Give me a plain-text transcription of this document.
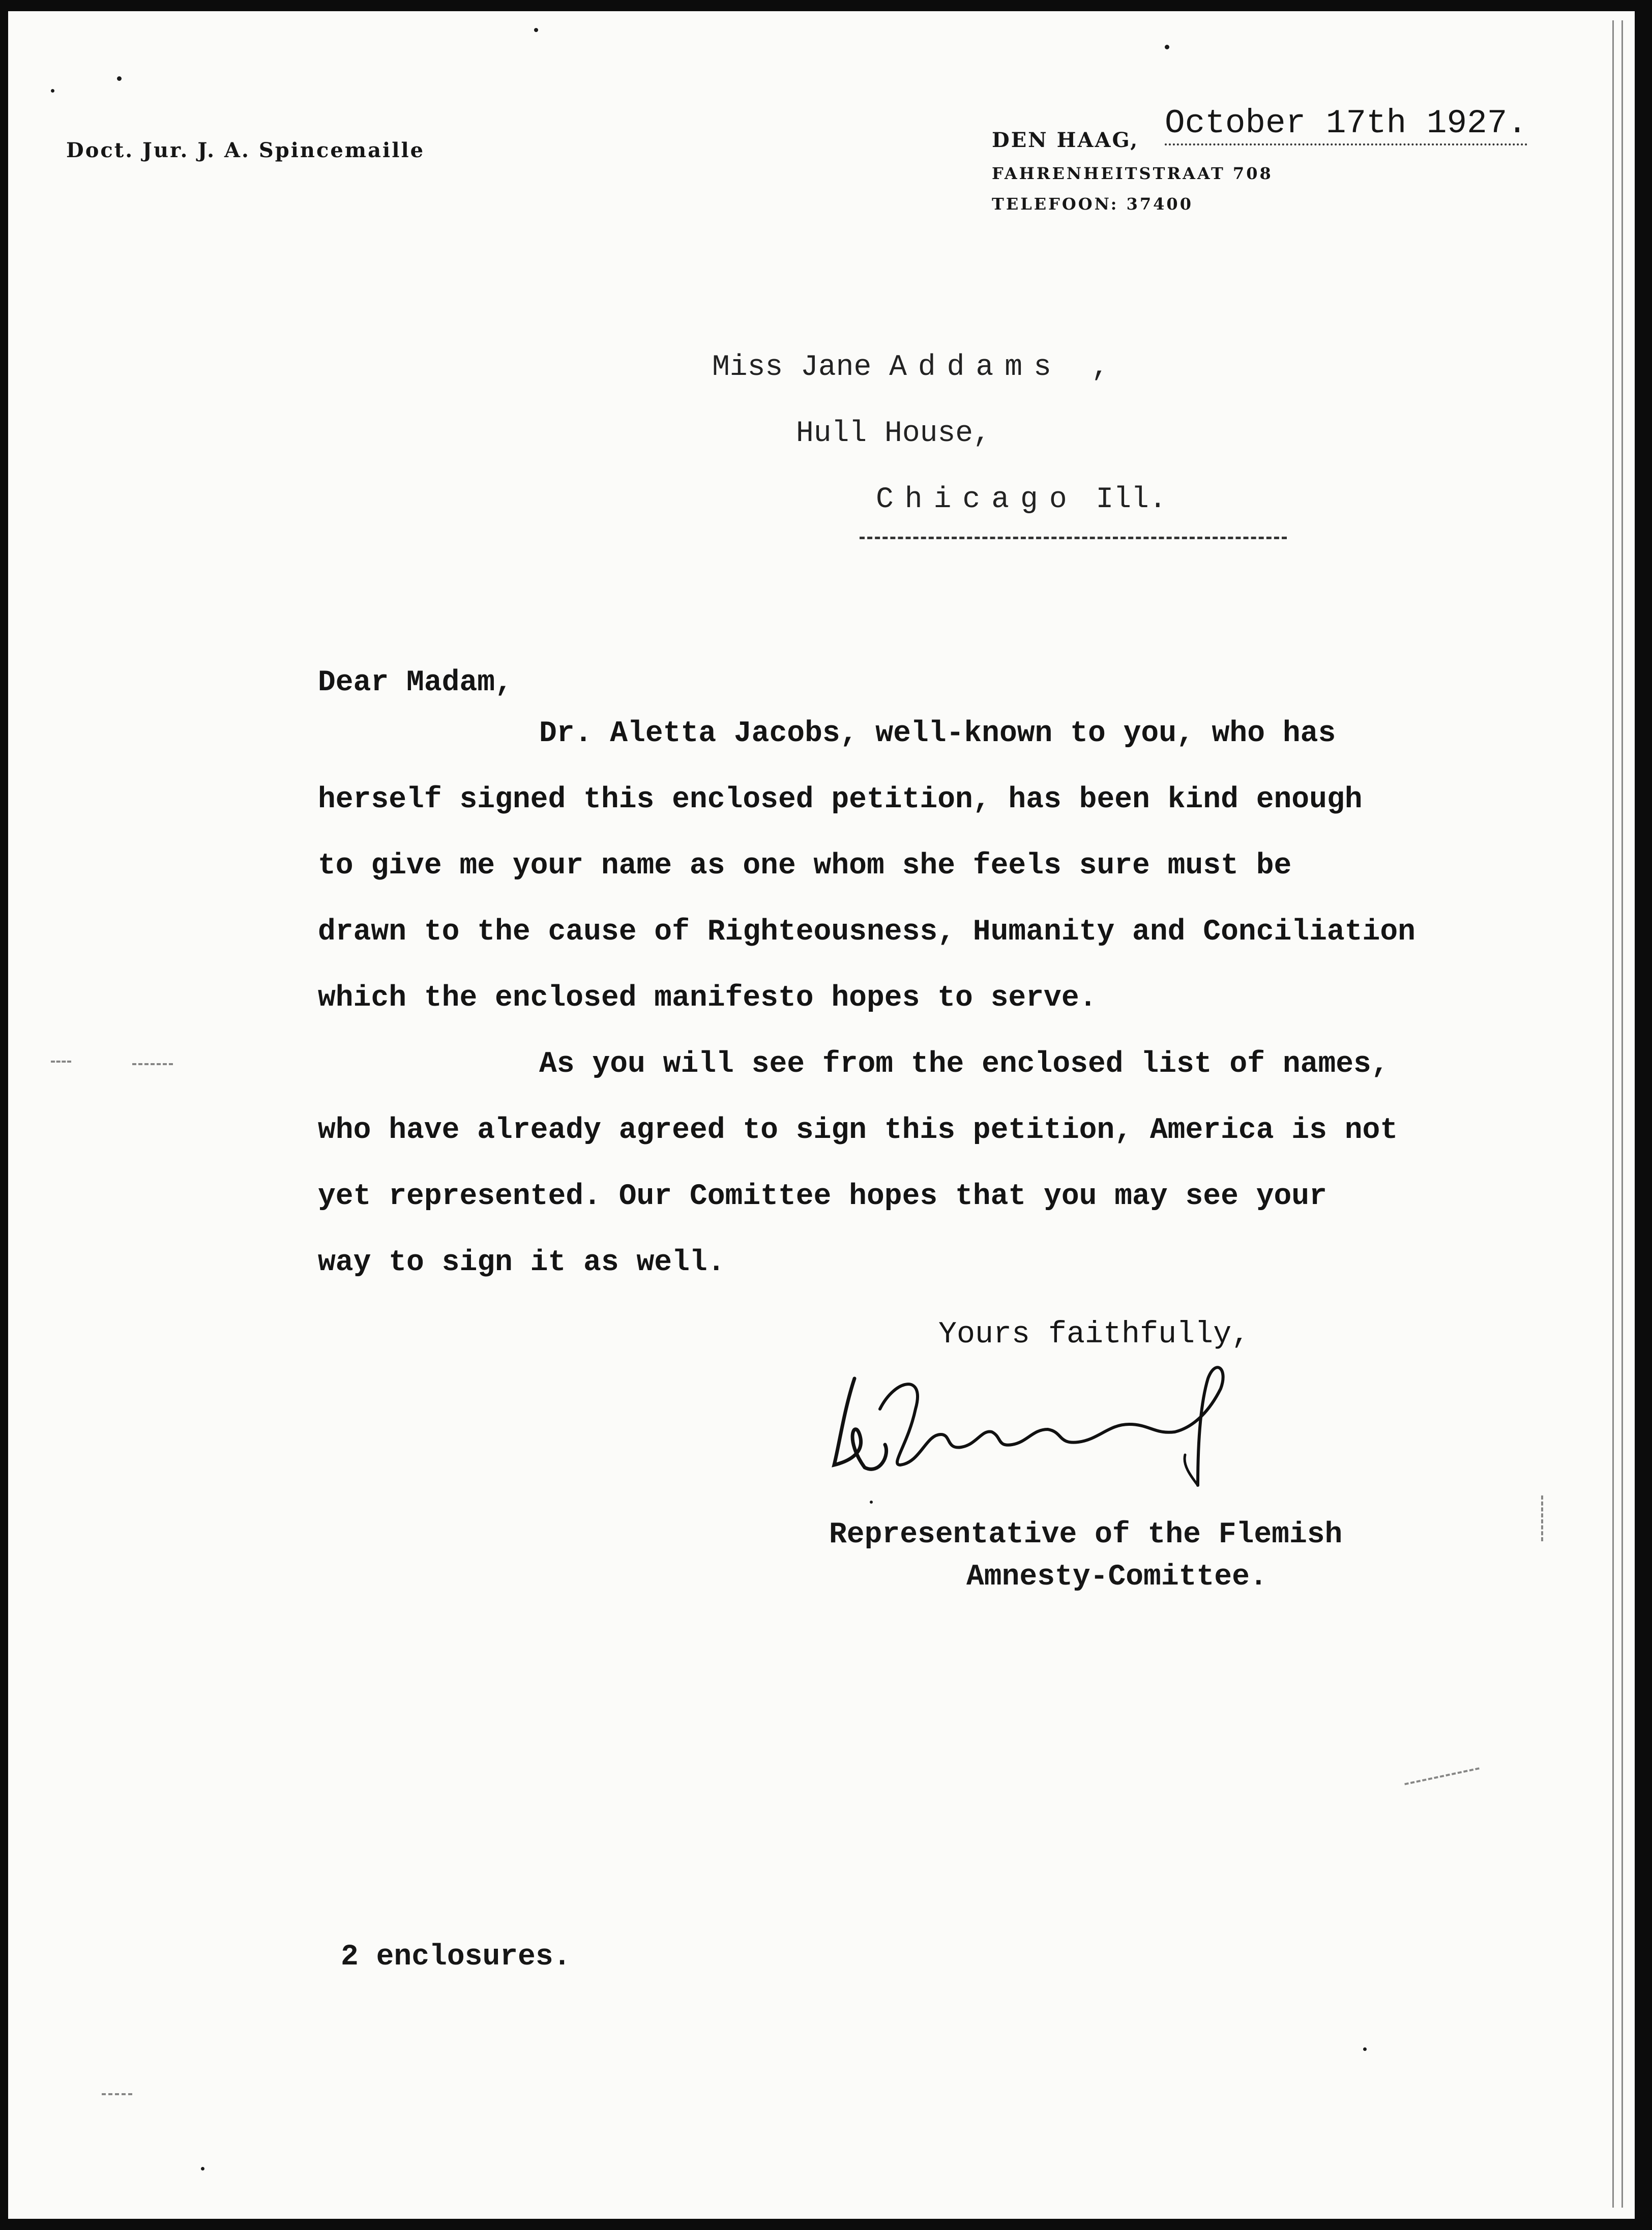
Doct. Jur. J. A. Spincemaille	DEN HAAG, October 17th 1927.
FAHRENHEITSTRAAT 708
TELEFOON: 37400
Miss Jane Addams ,
Hull House,
Chicago Ill.
Dear Madam,
Dr. Aletta Jacobs, well-known to you, who has
herself signed this enclosed petition, has been kind enough
to give me your name as one whom she feels sure must be
drawn to the cause of Righteousness, Humanity and Conciliation
which the enclosed manifesto hopes to serve.
As you will see from the enclosed list of names,
who have already agreed to sign this petition, America is not
yet represented. Our Comittee hopes that you may see your
way to sign it as well.
Yours faithfully,
Representative of the Flemish
Amnesty-Comittee.
2 enclosures.
